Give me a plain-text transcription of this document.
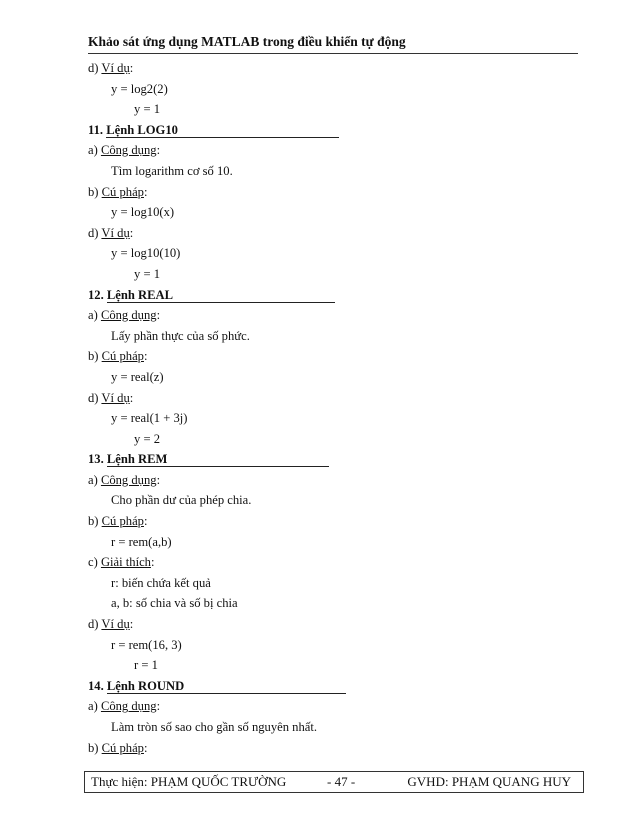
Khảo sát ứng dụng MATLAB trong điều khiển tự động
d) Ví dụ:
y = log2(2)
y = 1
11. Lệnh LOG10
a) Công dụng:
Tìm logarithm cơ số 10.
b) Cú pháp:
y = log10(x)
d) Ví dụ:
y = log10(10)
y = 1
12. Lệnh REAL
a) Công dụng:
Lấy phần thực của số phức.
b) Cú pháp:
y = real(z)
d) Ví dụ:
y = real(1 + 3j)
y = 2
13. Lệnh REM
a) Công dụng:
Cho phần dư của phép chia.
b) Cú pháp:
r = rem(a,b)
c) Giải thích:
r: biến chứa kết quả
a, b: số chia và số bị chia
d) Ví dụ:
r = rem(16, 3)
r = 1
14. Lệnh ROUND
a) Công dụng:
Làm tròn số sao cho gần số nguyên nhất.
b) Cú pháp:
Thực hiện: PHẠM QUỐC TRƯỜNG	- 47 -	GVHD: PHẠM QUANG HUY
